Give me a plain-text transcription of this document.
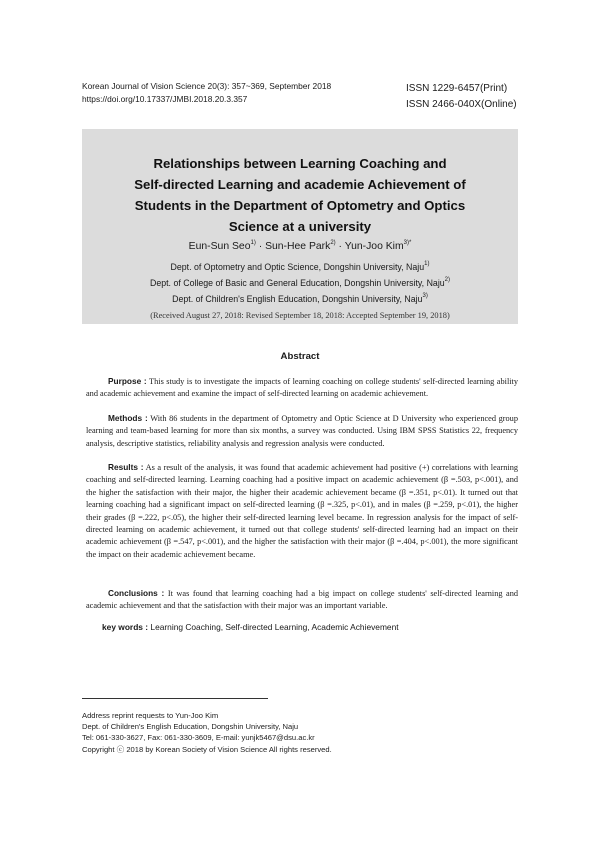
Korean Journal of Vision Science 20(3): 357~369, September 2018
https://doi.org/10.17337/JMBI.2018.20.3.357
ISSN 1229-6457(Print)
ISSN 2466-040X(Online)
Relationships between Learning Coaching and
Self-directed Learning and academie Achievement of
Students in the Department of Optometry and Optics
Science at a university
Eun-Sun Seo$^{1)}$ · Sun-Hee Park$^{2)}$ · Yun-Joo Kim$^{3)*}$
Dept. of Optometry and Optic Science, Dongshin University, Naju$^{1)}$
Dept. of College of Basic and General Education, Dongshin University, Naju$^{2)}$
Dept. of Children's English Education, Dongshin University, Naju$^{3)}$
(Received August 27, 2018: Revised September 18, 2018: Accepted September 19, 2018)
Abstract
Purpose : This study is to investigate the impacts of learning coaching on college students' self-directed learning ability and academic achievement and examine the impact of self-directed learning on academic achievement.
Methods : With 86 students in the department of Optometry and Optic Science at D University who experienced group learning and team-based learning for more than six months, a survey was conducted. Using IBM SPSS Statistics 22, frequency analysis, descriptive statistics, reliability analysis and regression analysis were conducted.
Results : As a result of the analysis, it was found that academic achievement had positive (+) correlations with learning coaching and self-directed learning. Learning coaching had a positive impact on academic achievement (β =.503, p<.001), and the higher the satisfaction with their major, the higher their academic achievement became (β =.351, p<.01). It turned out that learning coaching had a significant impact on self-directed learning (β =.325, p<.01), and in males (β =.259, p<.01), the higher their grades (β =.222, p<.05), the higher their self-directed learning level became. In regression analysis for the impact of self-directed learning on academic achievement, it turned out that college students' self-directed learning had an impact on their academic achievement (β =.547, p<.001), and the higher the satisfaction with their major (β =.404, p<.001), the more significant the impact on their academic achievement became.
Conclusions : It was found that learning coaching had a big impact on college students' self-directed learning and academic achievement and that the satisfaction with their major was an important variable.
key words : Learning Coaching, Self-directed Learning, Academic Achievement
Address reprint requests to Yun-Joo Kim
Dept. of Children's English Education, Dongshin University, Naju
Tel: 061-330-3627, Fax: 061-330-3609, E-mail: yunjk5467@dsu.ac.kr
Copyright ⓒ 2018 by Korean Society of Vision Science All rights reserved.
